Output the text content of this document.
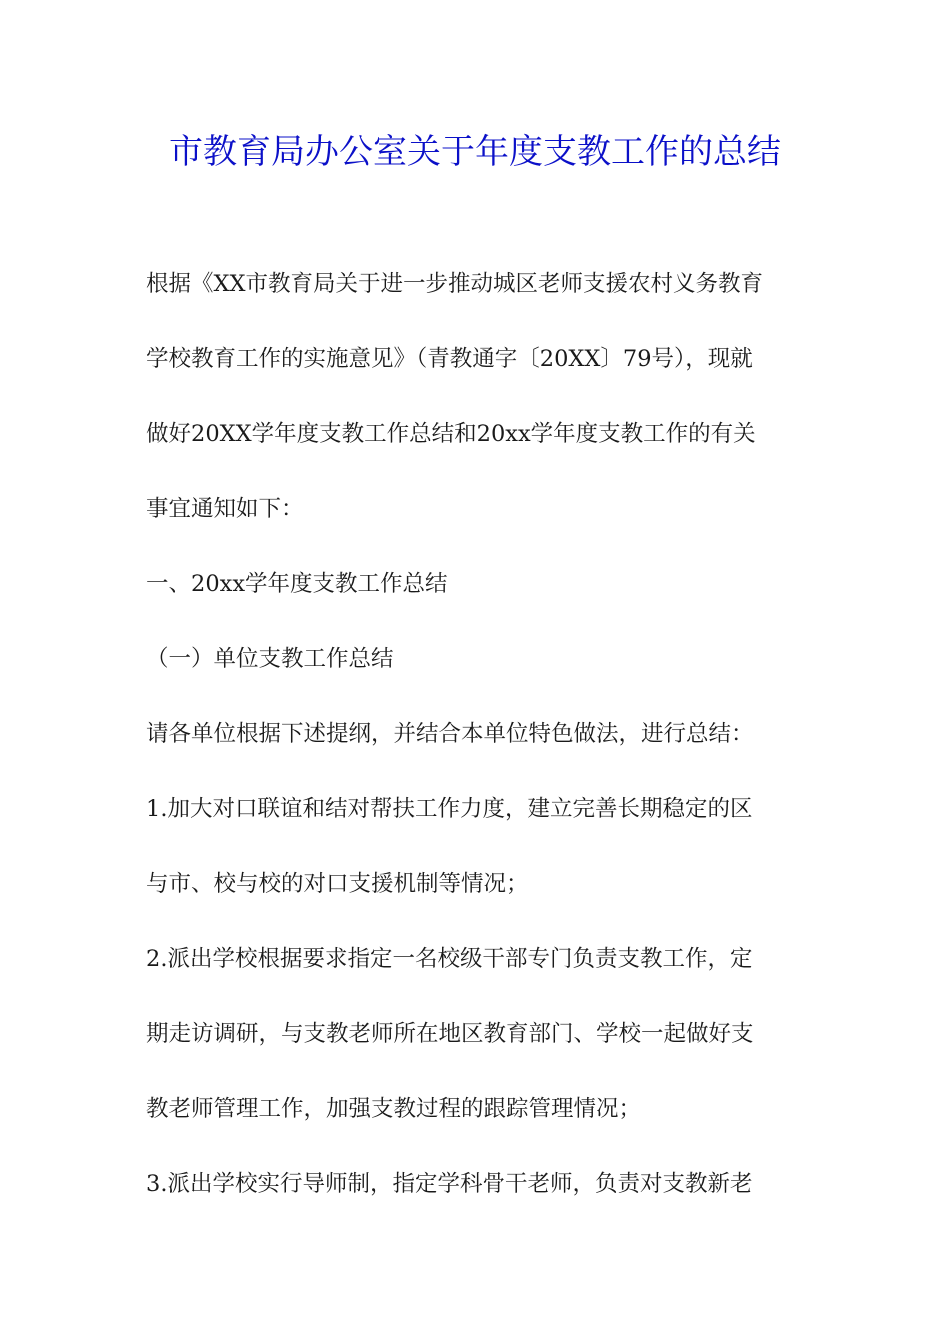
市教育局办公室关于年度支教工作的总结

根据《XX市教育局关于进一步推动城区老师支援农村义务教育

学校教育工作的实施意见》（青教通字〔20XX〕79号），现就

做好20XX学年度支教工作总结和20xx学年度支教工作的有关

事宜通知如下：

一、20xx学年度支教工作总结

（一）单位支教工作总结

请各单位根据下述提纲，并结合本单位特色做法，进行总结：

1.加大对口联谊和结对帮扶工作力度，建立完善长期稳定的区

与市、校与校的对口支援机制等情况；

2.派出学校根据要求指定一名校级干部专门负责支教工作，定

期走访调研，与支教老师所在地区教育部门、学校一起做好支

教老师管理工作，加强支教过程的跟踪管理情况；

3.派出学校实行导师制，指定学科骨干老师，负责对支教新老
